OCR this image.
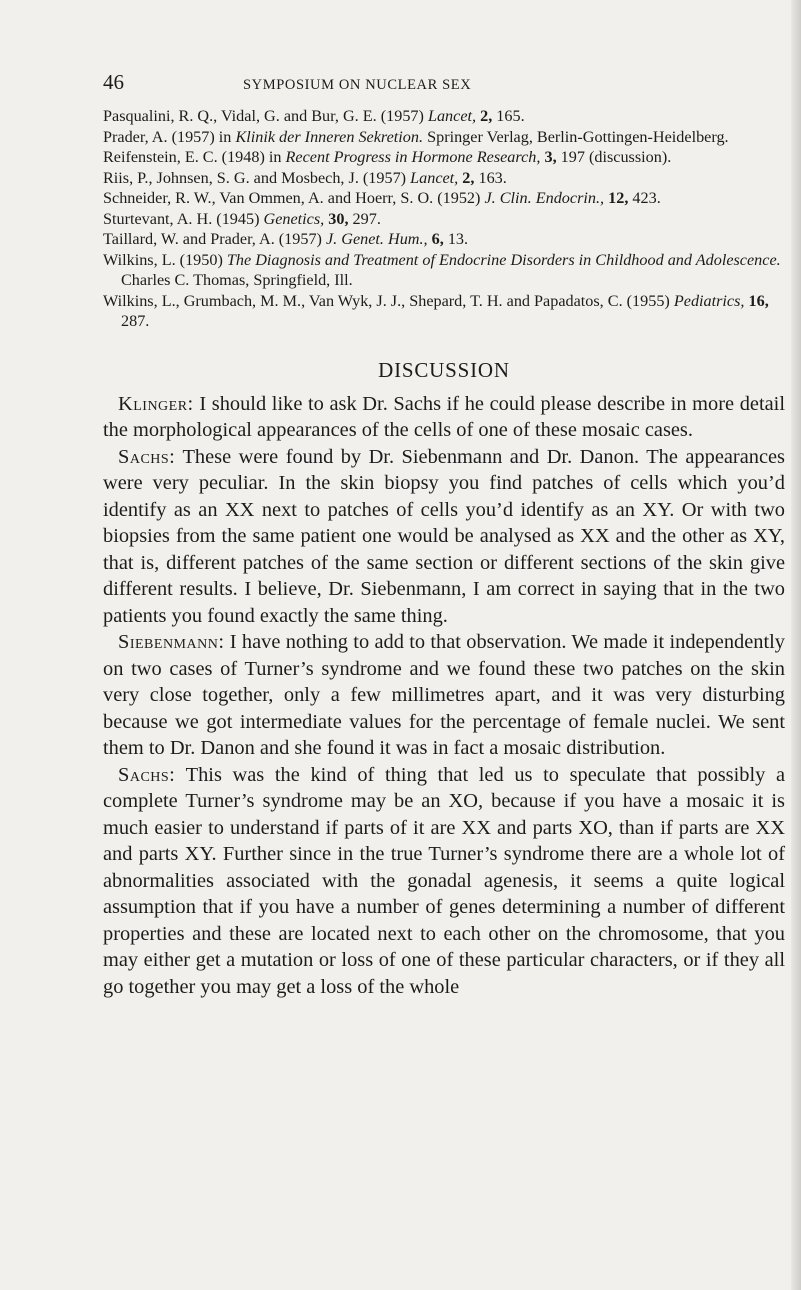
46	SYMPOSIUM ON NUCLEAR SEX
Pasqualini, R. Q., Vidal, G. and Bur, G. E. (1957) Lancet, 2, 165.
Prader, A. (1957) in Klinik der Inneren Sekretion. Springer Verlag, Berlin-Gottingen-Heidelberg.
Reifenstein, E. C. (1948) in Recent Progress in Hormone Research, 3, 197 (discussion).
Riis, P., Johnsen, S. G. and Mosbech, J. (1957) Lancet, 2, 163.
Schneider, R. W., Van Ommen, A. and Hoerr, S. O. (1952) J. Clin. Endocrin., 12, 423.
Sturtevant, A. H. (1945) Genetics, 30, 297.
Taillard, W. and Prader, A. (1957) J. Genet. Hum., 6, 13.
Wilkins, L. (1950) The Diagnosis and Treatment of Endocrine Disorders in Childhood and Adolescence. Charles C. Thomas, Springfield, Ill.
Wilkins, L., Grumbach, M. M., Van Wyk, J. J., Shepard, T. H. and Papadatos, C. (1955) Pediatrics, 16, 287.
DISCUSSION

Klinger: I should like to ask Dr. Sachs if he could please describe in more detail the morphological appearances of the cells of one of these mosaic cases.

Sachs: These were found by Dr. Siebenmann and Dr. Danon. The appearances were very peculiar. In the skin biopsy you find patches of cells which you’d identify as an XX next to patches of cells you’d identify as an XY. Or with two biopsies from the same patient one would be analysed as XX and the other as XY, that is, different patches of the same section or different sections of the skin give different results. I believe, Dr. Siebenmann, I am correct in saying that in the two patients you found exactly the same thing.

Siebenmann: I have nothing to add to that observation. We made it independently on two cases of Turner’s syndrome and we found these two patches on the skin very close together, only a few millimetres apart, and it was very disturbing because we got intermediate values for the percentage of female nuclei. We sent them to Dr. Danon and she found it was in fact a mosaic distribution.

Sachs: This was the kind of thing that led us to speculate that possibly a complete Turner’s syndrome may be an XO, because if you have a mosaic it is much easier to understand if parts of it are XX and parts XO, than if parts are XX and parts XY. Further since in the true Turner’s syndrome there are a whole lot of abnormalities associated with the gonadal agenesis, it seems a quite logical assumption that if you have a number of genes determining a number of different properties and these are located next to each other on the chromosome, that you may either get a mutation or loss of one of these particular characters, or if they all go together you may get a loss of the whole
